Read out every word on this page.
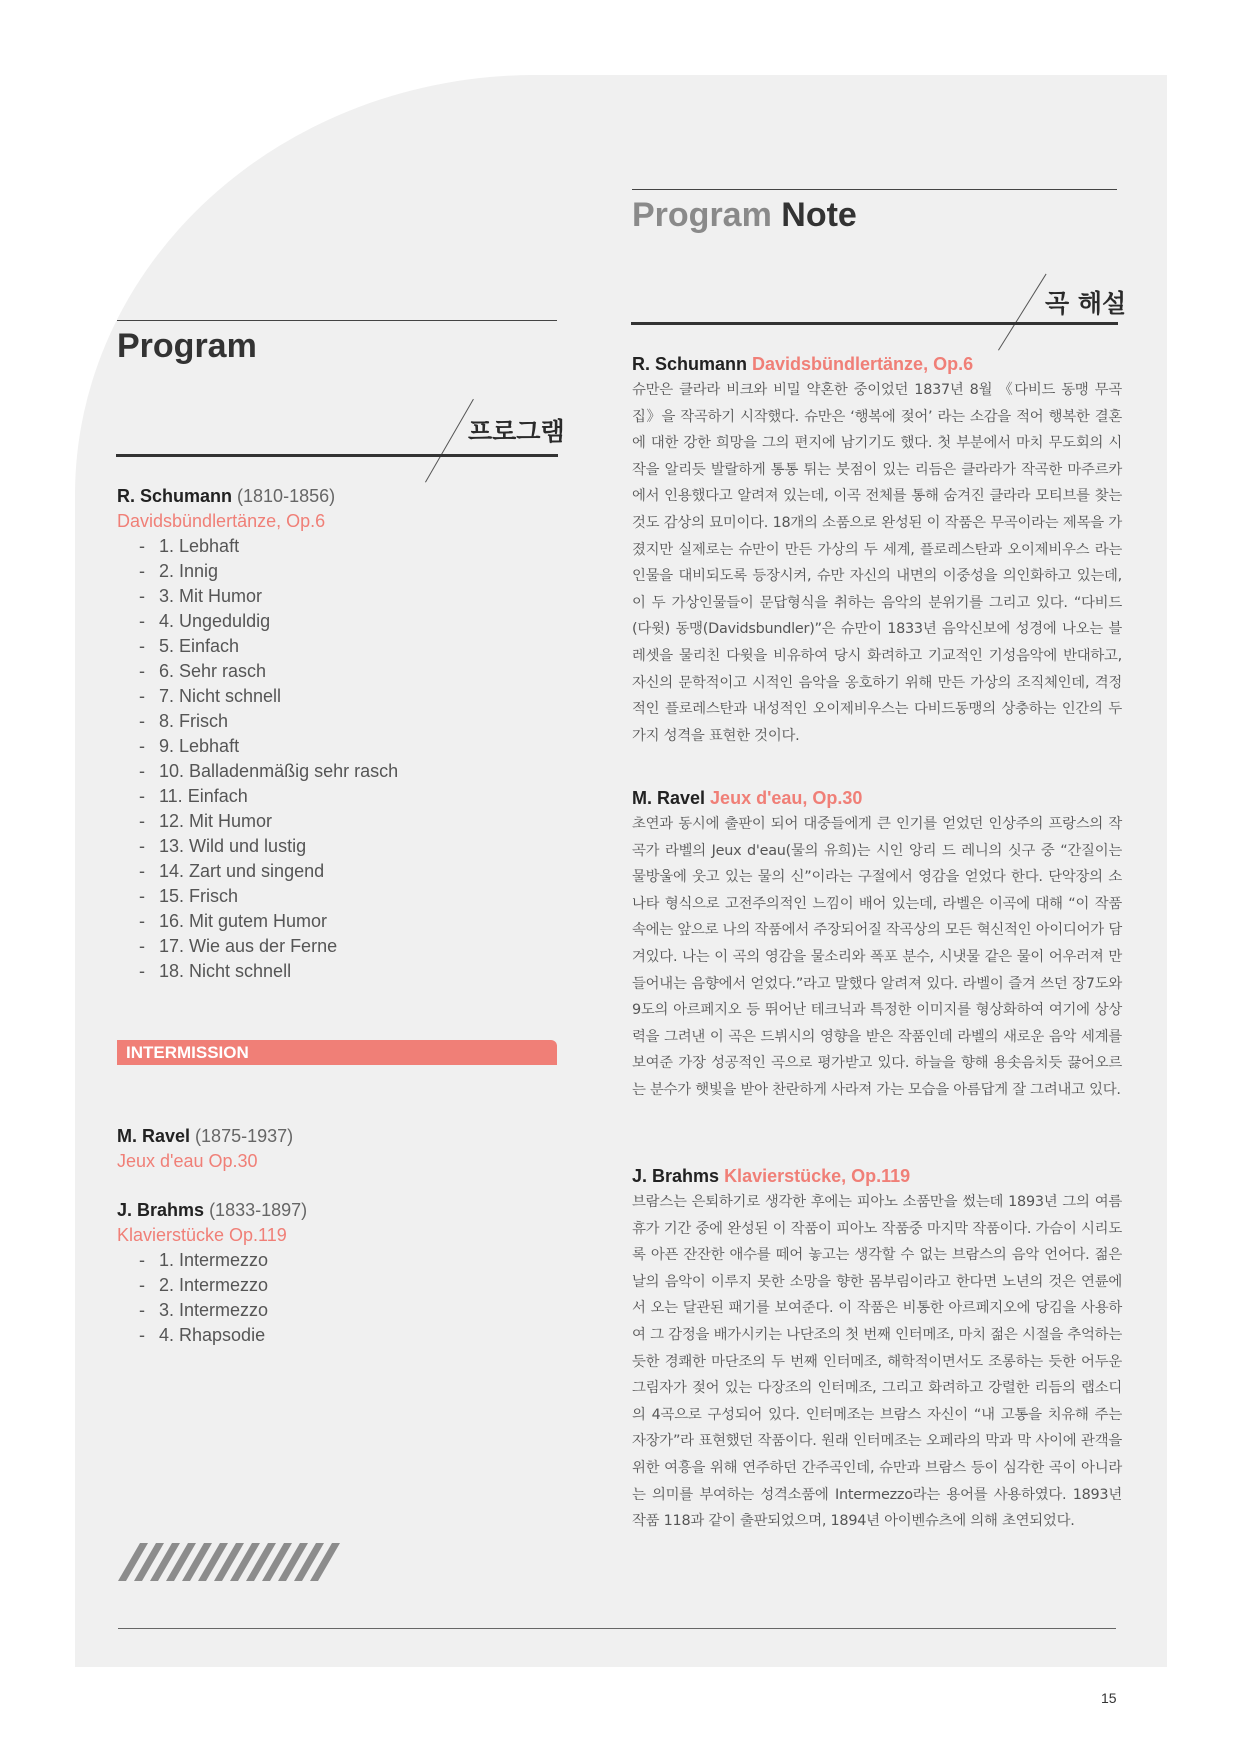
Program
프로그램
R. Schumann (1810-1856)
Davidsbündlertänze, Op.6
- 1. Lebhaft
- 2. Innig
- 3. Mit Humor
- 4. Ungeduldig
- 5. Einfach
- 6. Sehr rasch
- 7. Nicht schnell
- 8. Frisch
- 9. Lebhaft
- 10. Balladenmäßig sehr rasch
- 11. Einfach
- 12. Mit Humor
- 13. Wild und lustig
- 14. Zart und singend
- 15. Frisch
- 16. Mit gutem Humor
- 17. Wie aus der Ferne
- 18. Nicht schnell
INTERMISSION
M. Ravel (1875-1937)
Jeux d'eau Op.30
J. Brahms (1833-1897)
Klavierstücke Op.119
- 1. Intermezzo
- 2. Intermezzo
- 3. Intermezzo
- 4. Rhapsodie
Program Note
곡 해설
R. Schumann Davidsbündlertänze, Op.6

슈만은 클라라 비크와 비밀 약혼한 중이었던 1837년 8월 《다비드 동맹 무곡집》을 작곡하기 시작했다. 슈만은 ‘행복에 젖어’ 라는 소감을 적어 행복한 결혼에 대한 강한 희망을 그의 편지에 남기기도 했다. 첫 부분에서 마치 무도회의 시작을 알리듯 발랄하게 통통 튀는 붓점이 있는 리듬은 클라라가 작곡한 마주르카에서 인용했다고 알려져 있는데, 이곡 전체를 통해 숨겨진 클라라 모티브를 찾는 것도 감상의 묘미이다. 18개의 소품으로 완성된 이 작품은 무곡이라는 제목을 가졌지만 실제로는 슈만이 만든 가상의 두 세계, 플로레스탄과 오이제비우스 라는 인물을 대비되도록 등장시켜, 슈만 자신의 내면의 이중성을 의인화하고 있는데, 이 두 가상인물들이 문답형식을 취하는 음악의 분위기를 그리고 있다. “다비드(다윗) 동맹(Davidsbundler)”은 슈만이 1833년 음악신보에 성경에 나오는 블레셋을 물리친 다윗을 비유하여 당시 화려하고 기교적인 기성음악에 반대하고, 자신의 문학적이고 시적인 음악을 옹호하기 위해 만든 가상의 조직체인데, 격정적인 플로레스탄과 내성적인 오이제비우스는 다비드동맹의 상충하는 인간의 두가지 성격을 표현한 것이다.

M. Ravel Jeux d'eau, Op.30

초연과 동시에 출판이 되어 대중들에게 큰 인기를 얻었던 인상주의 프랑스의 작곡가 라벨의 Jeux d'eau(물의 유희)는 시인 앙리 드 레니의 싯구 중 “간질이는 물방울에 웃고 있는 물의 신”이라는 구절에서 영감을 얻었다 한다. 단악장의 소나타 형식으로 고전주의적인 느낌이 배어 있는데, 라벨은 이곡에 대해 “이 작품 속에는 앞으로 나의 작품에서 주장되어질 작곡상의 모든 혁신적인 아이디어가 담겨있다. 나는 이 곡의 영감을 물소리와 폭포 분수, 시냇물 같은 물이 어우러져 만들어내는 음향에서 얻었다.”라고 말했다 알려져 있다. 라벨이 즐겨 쓰던 장7도와 9도의 아르페지오 등 뛰어난 테크닉과 특정한 이미지를 형상화하여 여기에 상상력을 그려낸 이 곡은 드뷔시의 영향을 받은 작품인데 라벨의 새로운 음악 세계를 보여준 가장 성공적인 곡으로 평가받고 있다. 하늘을 향해 용솟음치듯 끓어오르는 분수가 햇빛을 받아 찬란하게 사라져 가는 모습을 아름답게 잘 그려내고 있다.

J. Brahms Klavierstücke, Op.119

브람스는 은퇴하기로 생각한 후에는 피아노 소품만을 썼는데 1893년 그의 여름휴가 기간 중에 완성된 이 작품이 피아노 작품중 마지막 작품이다. 가슴이 시리도록 아픈 잔잔한 애수를 떼어 놓고는 생각할 수 없는 브람스의 음악 언어다. 젊은 날의 음악이 이루지 못한 소망을 향한 몸부림이라고 한다면 노년의 것은 연륜에서 오는 달관된 패기를 보여준다. 이 작품은 비통한 아르페지오에 당김을 사용하여 그 감정을 배가시키는 나단조의 첫 번째 인터메조, 마치 젊은 시절을 추억하는 듯한 경쾌한 마단조의 두 번째 인터메조, 해학적이면서도 조롱하는 듯한 어두운 그림자가 젖어 있는 다장조의 인터메조, 그리고 화려하고 강렬한 리듬의 랩소디의 4곡으로 구성되어 있다. 인터메조는 브람스 자신이 “내 고통을 치유해 주는 자장가”라 표현했던 작품이다. 원래 인터메조는 오페라의 막과 막 사이에 관객을 위한 여흥을 위해 연주하던 간주곡인데, 슈만과 브람스 등이 심각한 곡이 아니라는 의미를 부여하는 성격소품에 Intermezzo라는 용어를 사용하였다. 1893년 작품 118과 같이 출판되었으며, 1894년 아이벤슈츠에 의해 초연되었다.

15
